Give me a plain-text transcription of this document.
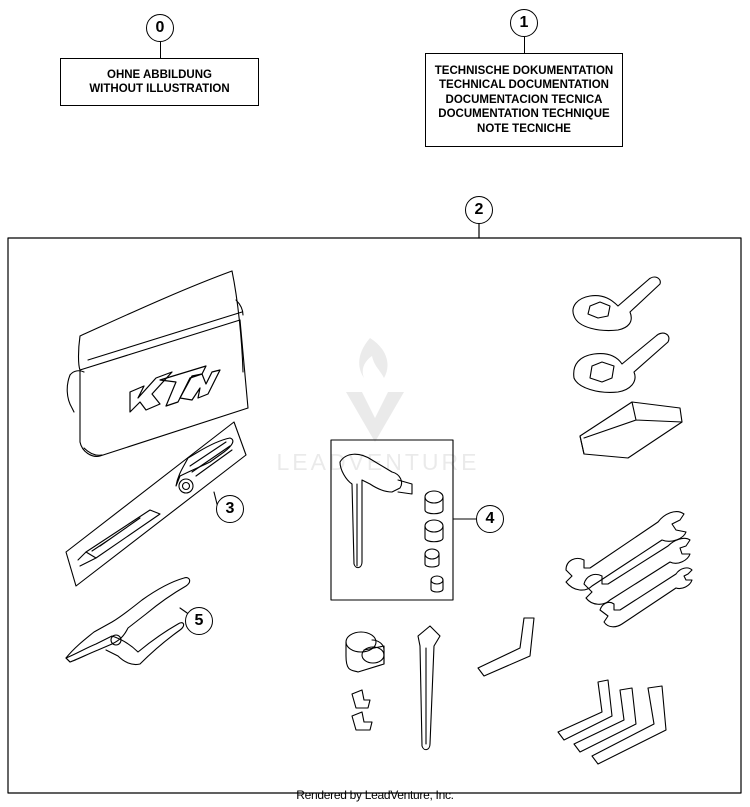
0
OHNE ABBILDUNG
WITHOUT ILLUSTRATION
1
TECHNISCHE DOKUMENTATION
TECHNICAL DOCUMENTATION
DOCUMENTACION TECNICA
DOCUMENTATION TECHNIQUE
NOTE TECNICHE
LEADVENTURE
KTM
2
3
4
5
Rendered by LeadVenture, Inc.
